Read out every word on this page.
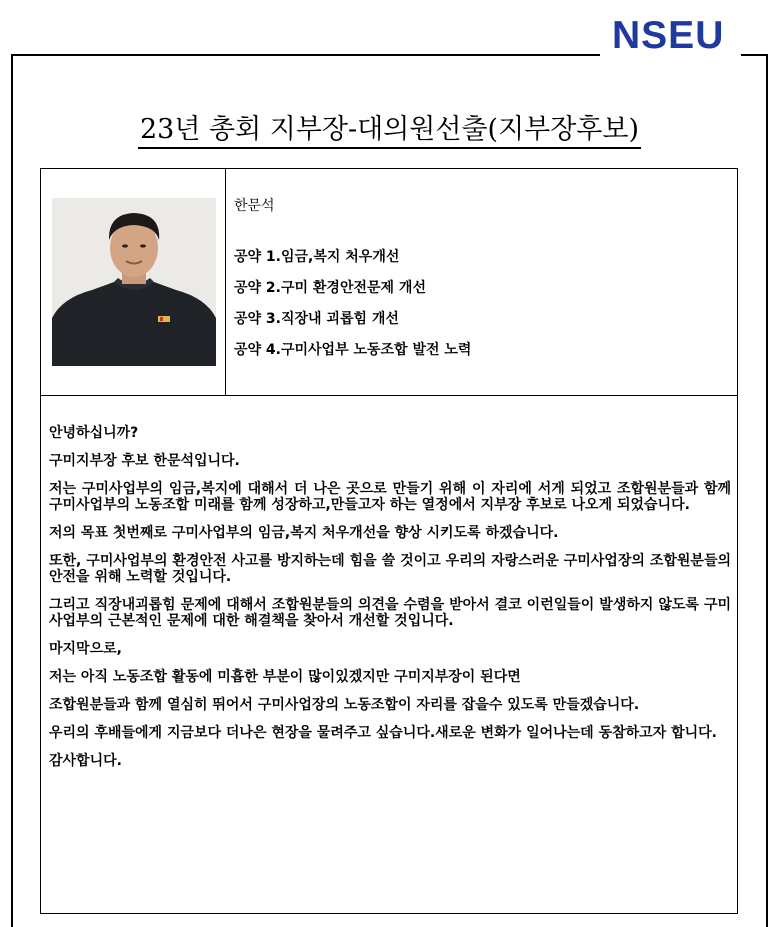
NSEU
23년 총회 지부장-대의원선출(지부장후보)
한문석
공약 1.임금,복지 처우개선
공약 2.구미 환경안전문제 개선
공약 3.직장내 괴롭힘 개선
공약 4.구미사업부 노동조합 발전 노력

안녕하십니까?

구미지부장 후보 한문석입니다.

저는 구미사업부의 임금,복지에 대해서 더 나은 곳으로 만들기 위해 이 자리에 서게 되었고 조합원분들과 함께 구미사업부의 노동조합 미래를 함께 성장하고,만들고자 하는 열정에서 지부장 후보로 나오게 되었습니다.

저의 목표 첫번째로 구미사업부의 임금,복지 처우개선을 향상 시키도록 하겠습니다.

또한, 구미사업부의 환경안전 사고를 방지하는데 힘을 쓸 것이고 우리의 자랑스러운 구미사업장의 조합원분들의 안전을 위해 노력할 것입니다.

그리고 직장내괴롭힘 문제에 대해서 조합원분들의 의견을 수렴을 받아서 결코 이런일들이 발생하지 않도록 구미사업부의 근본적인 문제에 대한 해결책을 찾아서 개선할 것입니다.

마지막으로,

저는 아직 노동조합 활동에 미흡한 부분이 많이있겠지만 구미지부장이 된다면

조합원분들과 함께 열심히 뛰어서 구미사업장의 노동조합이 자리를 잡을수 있도록 만들겠습니다.

우리의 후배들에게 지금보다 더나은 현장을 물려주고 싶습니다.새로운 변화가 일어나는데 동참하고자 합니다.

감사합니다.
